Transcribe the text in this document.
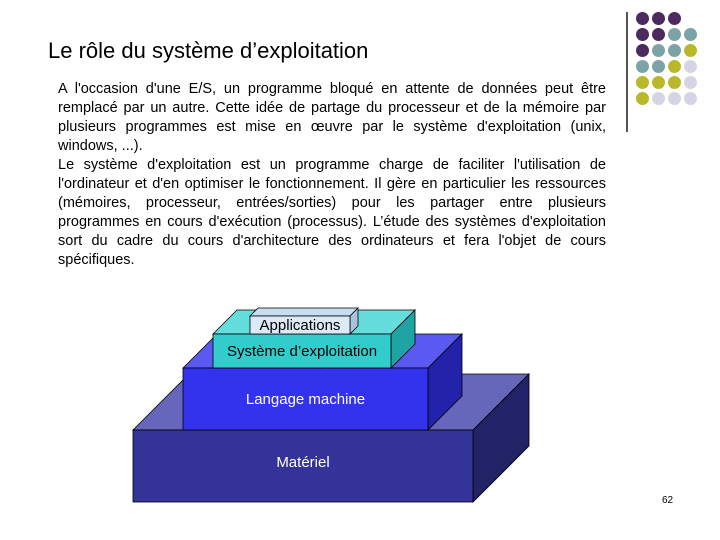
Le rôle du système d’exploitation

A l'occasion d'une E/S, un programme bloqué en attente de données peut être remplacé par un autre. Cette idée de partage du processeur et de la mémoire par plusieurs programmes est mise en œuvre par le système d'exploitation (unix, windows, ...).

Le système d'exploitation est un programme charge de faciliter l'utilisation de l'ordinateur et d'en optimiser le fonctionnement. Il gère en particulier les ressources (mémoires, processeur, entrées/sorties) pour les partager entre plusieurs programmes en cours d'exécution (processus). L’étude des systèmes d'exploitation sort du cadre du cours d'architecture des ordinateurs et fera l'objet de cours spécifiques.

Applications
Système d’exploitation
Langage machine
Matériel
62
